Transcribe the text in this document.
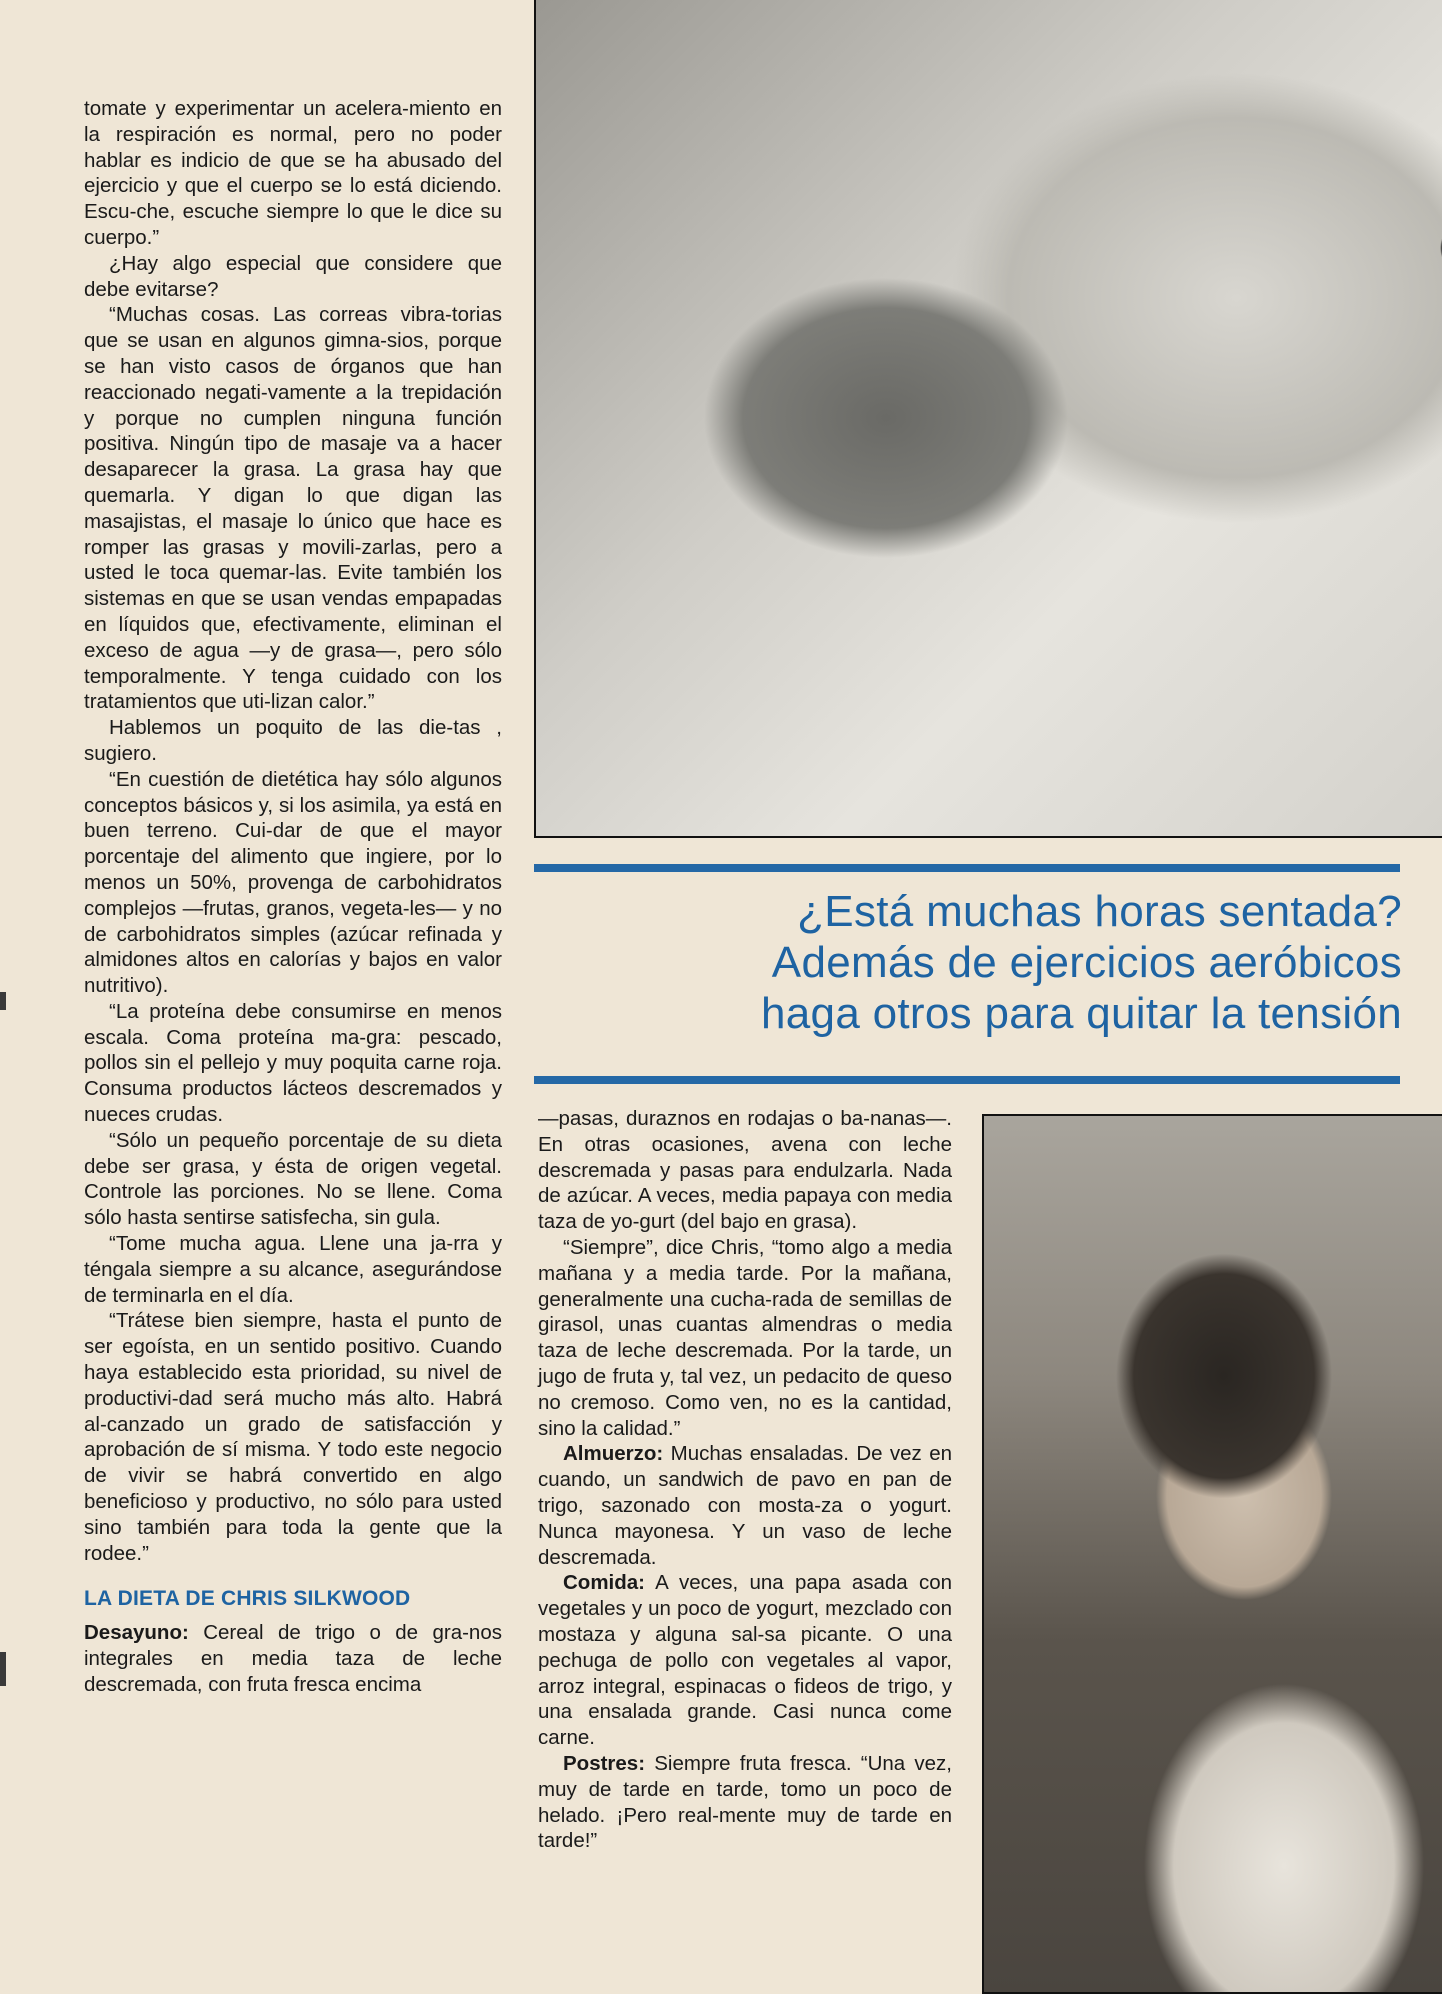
¿Está muchas horas sentada?
Además de ejercicios aeróbicos
haga otros para quitar la tensión

tomate y experimentar un acelera-miento en la respiración es normal, pero no poder hablar es indicio de que se ha abusado del ejercicio y que el cuerpo se lo está diciendo. Escu-che, escuche siempre lo que le dice su cuerpo.”

¿Hay algo especial que considere que debe evitarse?

“Muchas cosas. Las correas vibra-torias que se usan en algunos gimna-sios, porque se han visto casos de órganos que han reaccionado negati-vamente a la trepidación y porque no cumplen ninguna función positiva. Ningún tipo de masaje va a hacer desaparecer la grasa. La grasa hay que quemarla. Y digan lo que digan las masajistas, el masaje lo único que hace es romper las grasas y movili-zarlas, pero a usted le toca quemar-las. Evite también los sistemas en que se usan vendas empapadas en líquidos que, efectivamente, eliminan el exceso de agua —y de grasa—, pero sólo temporalmente. Y tenga cuidado con los tratamientos que uti-lizan calor.”

Hablemos un poquito de las die-tas , sugiero.

“En cuestión de dietética hay sólo algunos conceptos básicos y, si los asimila, ya está en buen terreno. Cui-dar de que el mayor porcentaje del alimento que ingiere, por lo menos un 50%, provenga de carbohidratos complejos —frutas, granos, vegeta-les— y no de carbohidratos simples (azúcar refinada y almidones altos en calorías y bajos en valor nutritivo).

“La proteína debe consumirse en menos escala. Coma proteína ma-gra: pescado, pollos sin el pellejo y muy poquita carne roja. Consuma productos lácteos descremados y nueces crudas.

“Sólo un pequeño porcentaje de su dieta debe ser grasa, y ésta de origen vegetal. Controle las porciones. No se llene. Coma sólo hasta sentirse satisfecha, sin gula.

“Tome mucha agua. Llene una ja-rra y téngala siempre a su alcance, asegurándose de terminarla en el día.

“Trátese bien siempre, hasta el punto de ser egoísta, en un sentido positivo. Cuando haya establecido esta prioridad, su nivel de productivi-dad será mucho más alto. Habrá al-canzado un grado de satisfacción y aprobación de sí misma. Y todo este negocio de vivir se habrá convertido en algo beneficioso y productivo, no sólo para usted sino también para toda la gente que la rodee.”

LA DIETA DE CHRIS SILKWOOD

Desayuno: Cereal de trigo o de gra-nos integrales en media taza de leche descremada, con fruta fresca encima

—pasas, duraznos en rodajas o ba-nanas—. En otras ocasiones, avena con leche descremada y pasas para endulzarla. Nada de azúcar. A veces, media papaya con media taza de yo-gurt (del bajo en grasa).

“Siempre”, dice Chris, “tomo algo a media mañana y a media tarde. Por la mañana, generalmente una cucha-rada de semillas de girasol, unas cuantas almendras o media taza de leche descremada. Por la tarde, un jugo de fruta y, tal vez, un pedacito de queso no cremoso. Como ven, no es la cantidad, sino la calidad.”

Almuerzo: Muchas ensaladas. De vez en cuando, un sandwich de pavo en pan de trigo, sazonado con mosta-za o yogurt. Nunca mayonesa. Y un vaso de leche descremada.

Comida: A veces, una papa asada con vegetales y un poco de yogurt, mezclado con mostaza y alguna sal-sa picante. O una pechuga de pollo con vegetales al vapor, arroz integral, espinacas o fideos de trigo, y una ensalada grande. Casi nunca come carne.

Postres: Siempre fruta fresca. “Una vez, muy de tarde en tarde, tomo un poco de helado. ¡Pero real-mente muy de tarde en tarde!”
